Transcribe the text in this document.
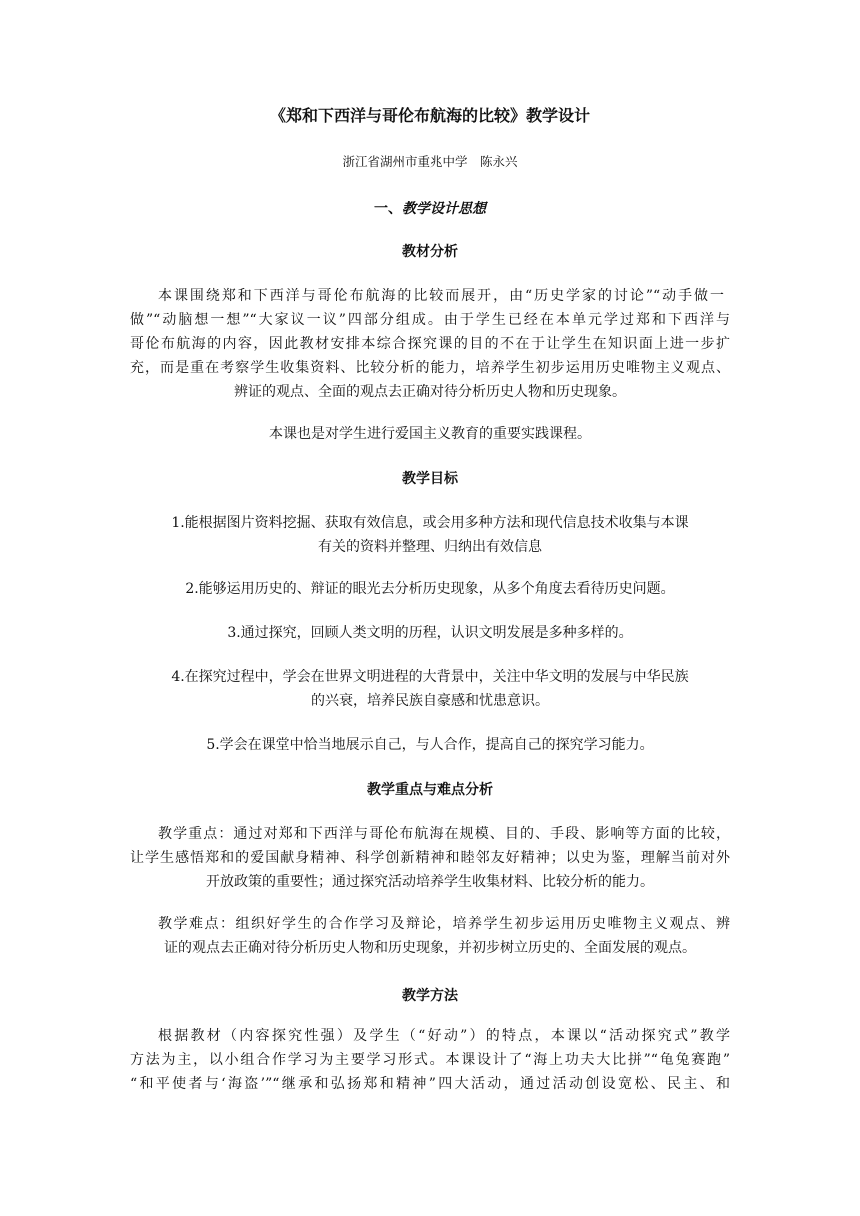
《郑和下西洋与哥伦布航海的比较》教学设计
浙江省湖州市重兆中学　陈永兴
一、教学设计思想
教材分析
本课围绕郑和下西洋与哥伦布航海的比较而展开，由“历史学家的讨论”“动手做一
做”“动脑想一想”“大家议一议”四部分组成。由于学生已经在本单元学过郑和下西洋与
哥伦布航海的内容，因此教材安排本综合探究课的目的不在于让学生在知识面上进一步扩
充，而是重在考察学生收集资料、比较分析的能力，培养学生初步运用历史唯物主义观点、
辨证的观点、全面的观点去正确对待分析历史人物和历史现象。
本课也是对学生进行爱国主义教育的重要实践课程。
教学目标
1.能根据图片资料挖掘、获取有效信息，或会用多种方法和现代信息技术收集与本课
有关的资料并整理、归纳出有效信息
2.能够运用历史的、辩证的眼光去分析历史现象，从多个角度去看待历史问题。
3.通过探究，回顾人类文明的历程，认识文明发展是多种多样的。
4.在探究过程中，学会在世界文明进程的大背景中，关注中华文明的发展与中华民族
的兴衰，培养民族自豪感和忧患意识。
5.学会在课堂中恰当地展示自己，与人合作，提高自己的探究学习能力。
教学重点与难点分析
教学重点：通过对郑和下西洋与哥伦布航海在规模、目的、手段、影响等方面的比较，
让学生感悟郑和的爱国献身精神、科学创新精神和睦邻友好精神；以史为鉴，理解当前对外
开放政策的重要性；通过探究活动培养学生收集材料、比较分析的能力。
教学难点：组织好学生的合作学习及辩论，培养学生初步运用历史唯物主义观点、辨
证的观点去正确对待分析历史人物和历史现象，并初步树立历史的、全面发展的观点。
教学方法
根据教材（内容探究性强）及学生（“好动”）的特点，本课以“活动探究式”教学
方法为主，以小组合作学习为主要学习形式。本课设计了“海上功夫大比拼”“龟兔赛跑”
“和平使者与‘海盗’”“继承和弘扬郑和精神”四大活动，通过活动创设宽松、民主、和
